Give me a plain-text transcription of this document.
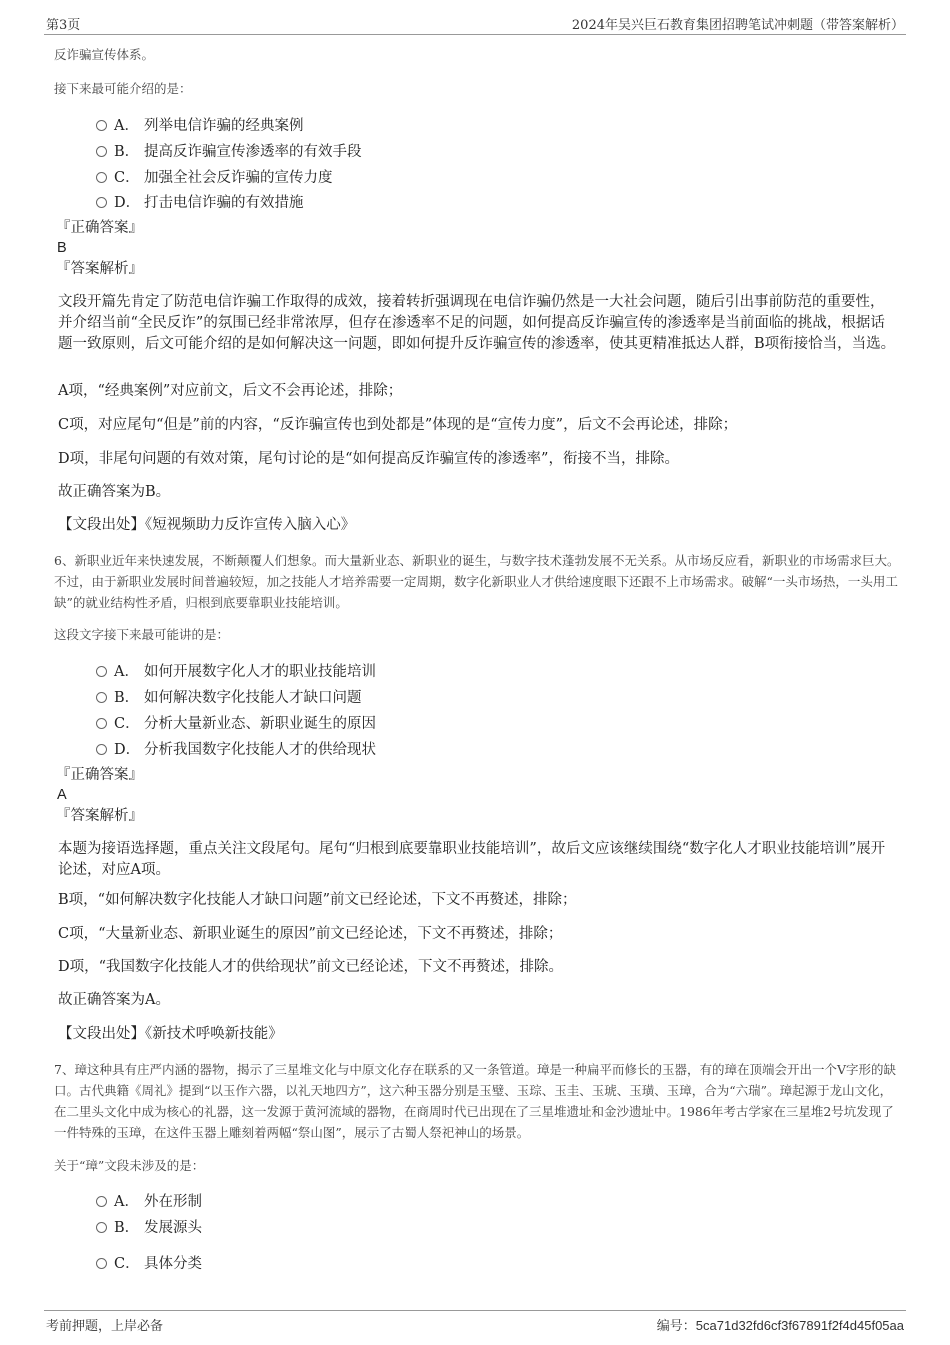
第3页	2024年吴兴巨石教育集团招聘笔试冲刺题（带答案解析）
反诈骗宣传体系。
接下来最可能介绍的是：
A． 列举电信诈骗的经典案例
B． 提高反诈骗宣传渗透率的有效手段
C． 加强全社会反诈骗的宣传力度
D． 打击电信诈骗的有效措施
『正确答案』
B
『答案解析』
文段开篇先肯定了防范电信诈骗工作取得的成效，接着转折强调现在电信诈骗仍然是一大社会问题，随后引出事前防范的重要性，并介绍当前“全民反诈”的氛围已经非常浓厚，但存在渗透率不足的问题，如何提高反诈骗宣传的渗透率是当前面临的挑战，根据话题一致原则，后文可能介绍的是如何解决这一问题，即如何提升反诈骗宣传的渗透率，使其更精准抵达人群，B项衔接恰当，当选。
A项，“经典案例”对应前文，后文不会再论述，排除；
C项，对应尾句“但是”前的内容，“反诈骗宣传也到处都是”体现的是“宣传力度”，后文不会再论述，排除；
D项，非尾句问题的有效对策，尾句讨论的是“如何提高反诈骗宣传的渗透率”，衔接不当，排除。
故正确答案为B。
【文段出处】《短视频助力反诈宣传入脑入心》
6、新职业近年来快速发展，不断颠覆人们想象。而大量新业态、新职业的诞生，与数字技术蓬勃发展不无关系。从市场反应看，新职业的市场需求巨大。不过，由于新职业发展时间普遍较短，加之技能人才培养需要一定周期，数字化新职业人才供给速度眼下还跟不上市场需求。破解“一头市场热，一头用工缺”的就业结构性矛盾，归根到底要靠职业技能培训。
这段文字接下来最可能讲的是：
A． 如何开展数字化人才的职业技能培训
B． 如何解决数字化技能人才缺口问题
C． 分析大量新业态、新职业诞生的原因
D． 分析我国数字化技能人才的供给现状
『正确答案』
A
『答案解析』
本题为接语选择题，重点关注文段尾句。尾句“归根到底要靠职业技能培训”，故后文应该继续围绕“数字化人才职业技能培训”展开论述，对应A项。
B项，“如何解决数字化技能人才缺口问题”前文已经论述，下文不再赘述，排除；
C项，“大量新业态、新职业诞生的原因”前文已经论述，下文不再赘述，排除；
D项，“我国数字化技能人才的供给现状”前文已经论述，下文不再赘述，排除。
故正确答案为A。
【文段出处】《新技术呼唤新技能》
7、璋这种具有庄严内涵的器物，揭示了三星堆文化与中原文化存在联系的又一条管道。璋是一种扁平而修长的玉器，有的璋在顶端会开出一个V字形的缺口。古代典籍《周礼》提到“以玉作六器，以礼天地四方”，这六种玉器分别是玉璧、玉琮、玉圭、玉琥、玉璜、玉璋，合为“六瑞”。璋起源于龙山文化，在二里头文化中成为核心的礼器，这一发源于黄河流域的器物，在商周时代已出现在了三星堆遗址和金沙遗址中。1986年考古学家在三星堆2号坑发现了一件特殊的玉璋，在这件玉器上雕刻着两幅“祭山图”，展示了古蜀人祭祀神山的场景。
关于“璋”文段未涉及的是：
A． 外在形制
B． 发展源头
C． 具体分类
考前押题，上岸必备	编号：5ca71d32fd6cf3f67891f2f4d45f05aa
